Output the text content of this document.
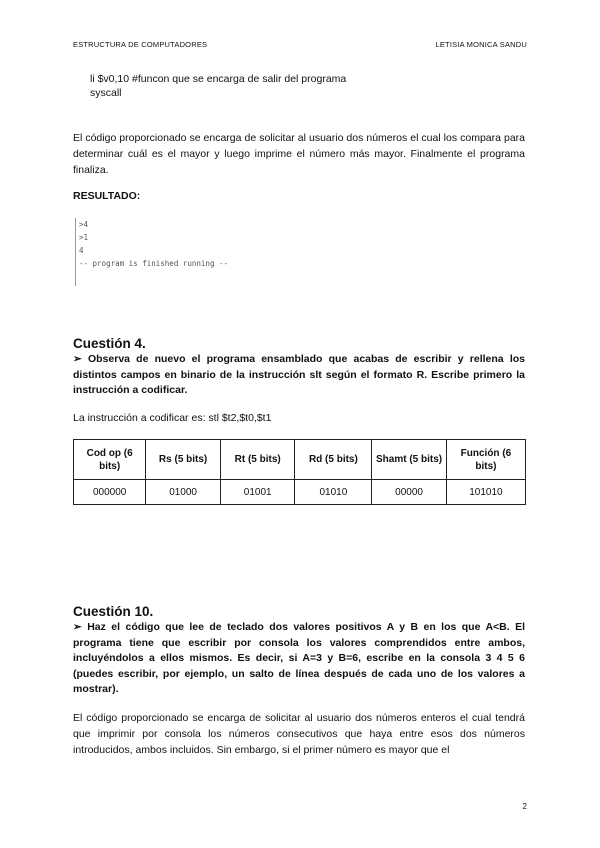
ESTRUCTURA DE COMPUTADORES	LETISIA MONICA SANDU
li $v0,10 #funcon que se encarga de salir del programa
syscall
El código proporcionado se encarga de solicitar al usuario dos números el cual los compara para determinar cuál es el mayor y luego imprime el número más mayor. Finalmente el programa finaliza.
RESULTADO:
>4
>1
4
-- program is finished running --
Cuestión 4.
➢ Observa de nuevo el programa ensamblado que acabas de escribir y rellena los distintos campos en binario de la instrucción slt según el formato R. Escribe primero la instrucción a codificar.
La instrucción a codificar es: stl $t2,$t0,$t1
Cod op (6 bits)	Rs (5 bits)	Rt (5 bits)	Rd (5 bits)	Shamt (5 bits)	Función (6 bits)
000000	01000	01001	01010	00000	101010
Cuestión 10.
➢ Haz el código que lee de teclado dos valores positivos A y B en los que A<B. El programa tiene que escribir por consola los valores comprendidos entre ambos, incluyéndolos a ellos mismos. Es decir, si A=3 y B=6, escribe en la consola 3 4 5 6 (puedes escribir, por ejemplo, un salto de línea después de cada uno de los valores a mostrar).
El código proporcionado se encarga de solicitar al usuario dos números enteros el cual tendrá que imprimir por consola los números consecutivos que haya entre esos dos números introducidos, ambos incluidos. Sin embargo, si el primer número es mayor que el
2
